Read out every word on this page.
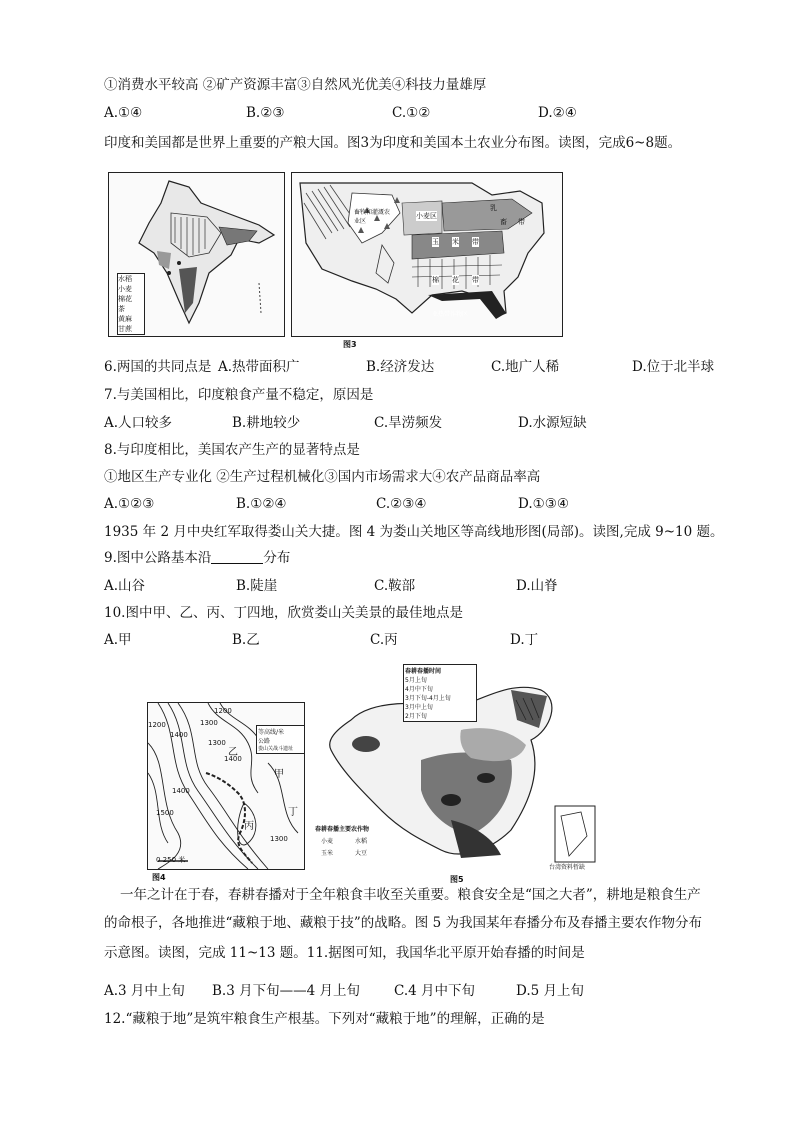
①消费水平较高 ②矿产资源丰富③自然风光优美④科技力量雄厚
A.①④	B.②③	C.①②	D.②④
印度和美国都是世界上重要的产粮大国。图3为印度和美国本土农业分布图。读图，完成6~8题。
水稻
小麦
棉花
茶
黄麻
甘蔗
乳
畜 带
小麦区
玉 米 带
棉 花 带
畜牧和灌溉农业区
亚热带作物区
图3
6.两国的共同点是 A.热带面积广	B.经济发达	C.地广人稀	D.位于北半球
7.与美国相比，印度粮食产量不稳定，原因是
A.人口较多	B.耕地较少	C.旱涝频发	D.水源短缺
8.与印度相比，美国农产生产的显著特点是
①地区生产专业化 ②生产过程机械化③国内市场需求大④农产品商品率高
A.①②③	B.①②④	C.②③④	D.①③④
1935 年 2 月中央红军取得娄山关大捷。图 4 为娄山关地区等高线地形图(局部)。读图,完成 9~10 题。
9.图中公路基本沿	分布
A.山谷	B.陡崖	C.鞍部	D.山脊
10.图中甲、乙、丙、丁四地，欣赏娄山关美景的最佳地点是
A.甲	B.乙	C.丙	D.丁
1200
1300
1400
1500
1400
1300
1200
1300
1400
甲
乙
丙
丁
等高线/米
公路
娄山关战斗遗址
0 250 米
图4
春耕春播时间
5月上旬
4月中下旬
3月下旬-4月上旬
3月中上旬
2月下旬
春耕春播主要农作物
小麦	水稻
玉米	大豆
台湾资料暂缺
图5
一年之计在于春，春耕春播对于全年粮食丰收至关重要。粮食安全是“国之大者”，耕地是粮食生产
的命根子，各地推进“藏粮于地、藏粮于技”的战略。图 5 为我国某年春播分布及春播主要农作物分布
示意图。读图，完成 11~13 题。11.据图可知，我国华北平原开始春播的时间是
A.3 月中上旬 B.3 月下旬——4 月上旬	C.4 月中下旬	D.5 月上旬
12.“藏粮于地”是筑牢粮食生产根基。下列对“藏粮于地”的理解，正确的是
